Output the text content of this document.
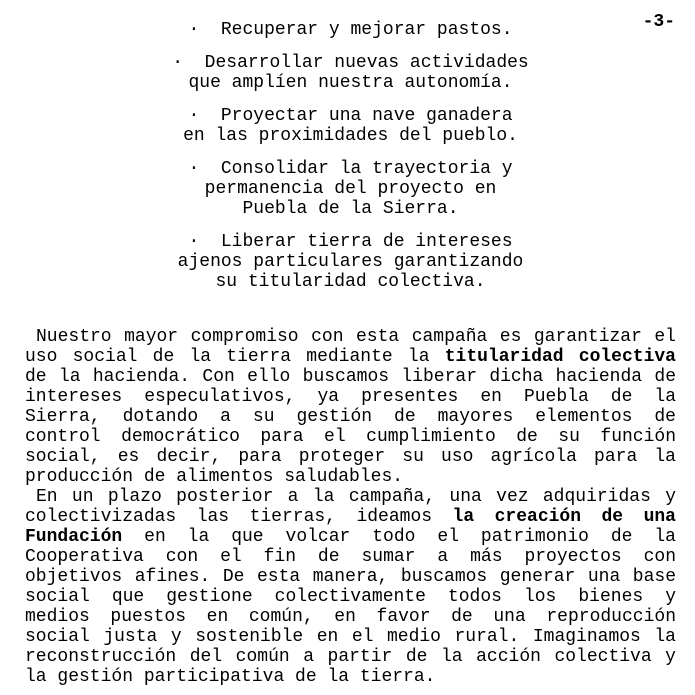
-3-
·  Recuperar y mejorar pastos.
·  Desarrollar nuevas actividades
que amplíen nuestra autonomía.
·  Proyectar una nave ganadera
en las proximidades del pueblo.
·  Consolidar la trayectoria y
permanencia del proyecto en
Puebla de la Sierra.
·  Liberar tierra de intereses
ajenos particulares garantizando
su titularidad colectiva.
Nuestro mayor compromiso con esta campaña es garantizar el
uso social de la tierra mediante la titularidad colectiva
de la hacienda. Con ello buscamos liberar dicha hacienda de
intereses especulativos, ya presentes en Puebla de la
Sierra, dotando a su gestión de mayores elementos de
control democrático para el cumplimiento de su función
social, es decir, para proteger su uso agrícola para la
producción de alimentos saludables.
En un plazo posterior a la campaña, una vez adquiridas y
colectivizadas las tierras, ideamos la creación de una
Fundación en la que volcar todo el patrimonio de la
Cooperativa con el fin de sumar a más proyectos con
objetivos afines. De esta manera, buscamos generar una base
social que gestione colectivamente todos los bienes y
medios puestos en común, en favor de una reproducción
social justa y sostenible en el medio rural. Imaginamos la
reconstrucción del común a partir de la acción colectiva y
la gestión participativa de la tierra.
